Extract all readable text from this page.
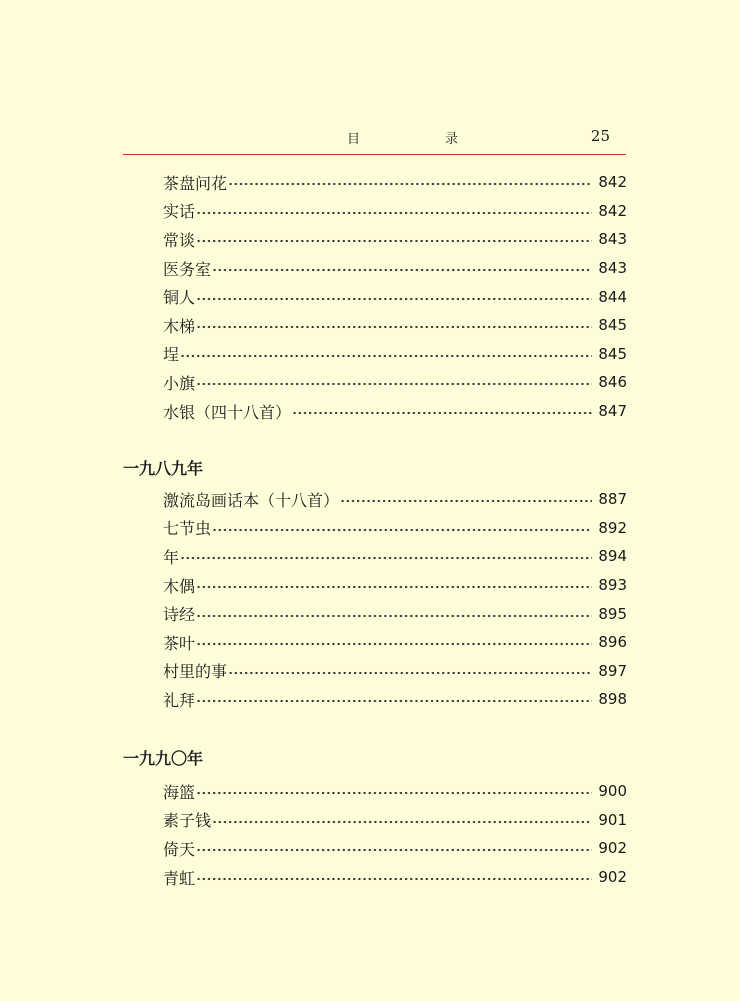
目　录	25
茶盘问花	842
实话	842
常谈	843
医务室	843
铜人	844
木梯	845
埕	845
小旗	846
水银（四十八首）	847
一九八九年
激流岛画话本（十八首）	887
七节虫	892
年	894
木偶	893
诗经	895
茶叶	896
村里的事	897
礼拜	898
一九九〇年
海篮	900
素子钱	901
倚天	902
青虹	902
